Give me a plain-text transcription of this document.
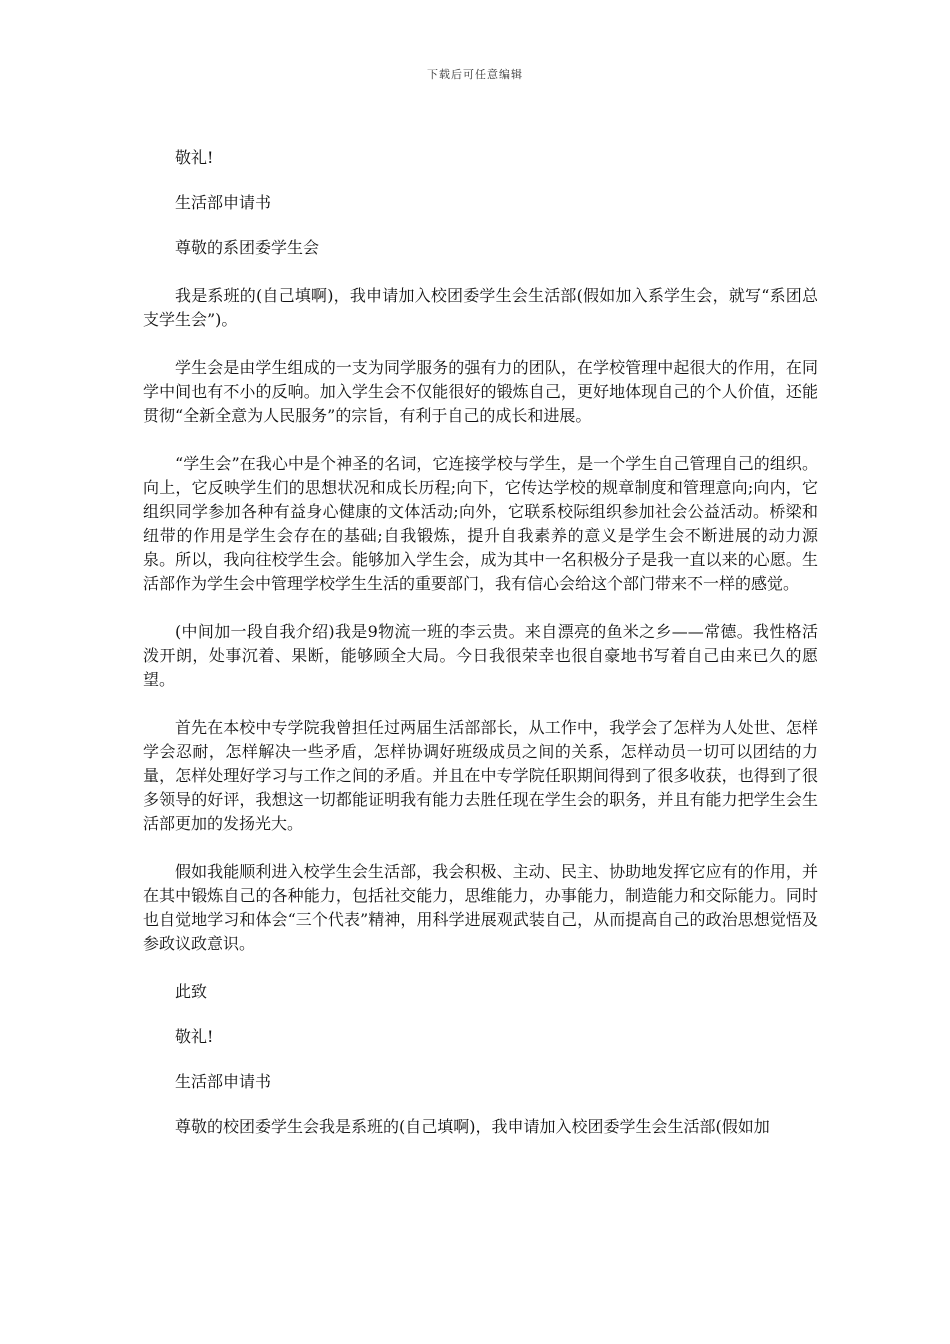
下载后可任意编辑

敬礼!

生活部申请书

尊敬的系团委学生会

我是系班的(自己填啊)，我申请加入校团委学生会生活部(假如加入系学生会，就写“系团总支学生会”)。

学生会是由学生组成的一支为同学服务的强有力的团队，在学校管理中起很大的作用，在同学中间也有不小的反响。加入学生会不仅能很好的锻炼自己，更好地体现自己的个人价值，还能贯彻“全新全意为人民服务”的宗旨，有利于自己的成长和进展。

“学生会”在我心中是个神圣的名词，它连接学校与学生，是一个学生自己管理自己的组织。向上，它反映学生们的思想状况和成长历程;向下，它传达学校的规章制度和管理意向;向内，它组织同学参加各种有益身心健康的文体活动;向外，它联系校际组织参加社会公益活动。桥梁和纽带的作用是学生会存在的基础;自我锻炼，提升自我素养的意义是学生会不断进展的动力源泉。所以，我向往校学生会。能够加入学生会，成为其中一名积极分子是我一直以来的心愿。生活部作为学生会中管理学校学生生活的重要部门，我有信心会给这个部门带来不一样的感觉。

(中间加一段自我介绍)我是9物流一班的李云贵。来自漂亮的鱼米之乡——常德。我性格活泼开朗，处事沉着、果断，能够顾全大局。今日我很荣幸也很自豪地书写着自己由来已久的愿望。

首先在本校中专学院我曾担任过两届生活部部长，从工作中，我学会了怎样为人处世、怎样学会忍耐，怎样解决一些矛盾，怎样协调好班级成员之间的关系，怎样动员一切可以团结的力量，怎样处理好学习与工作之间的矛盾。并且在中专学院任职期间得到了很多收获，也得到了很多领导的好评，我想这一切都能证明我有能力去胜任现在学生会的职务，并且有能力把学生会生活部更加的发扬光大。

假如我能顺利进入校学生会生活部，我会积极、主动、民主、协助地发挥它应有的作用，并在其中锻炼自己的各种能力，包括社交能力，思维能力，办事能力，制造能力和交际能力。同时也自觉地学习和体会“三个代表”精神，用科学进展观武装自己，从而提高自己的政治思想觉悟及参政议政意识。

此致

敬礼!

生活部申请书

尊敬的校团委学生会我是系班的(自己填啊)，我申请加入校团委学生会生活部(假如加
